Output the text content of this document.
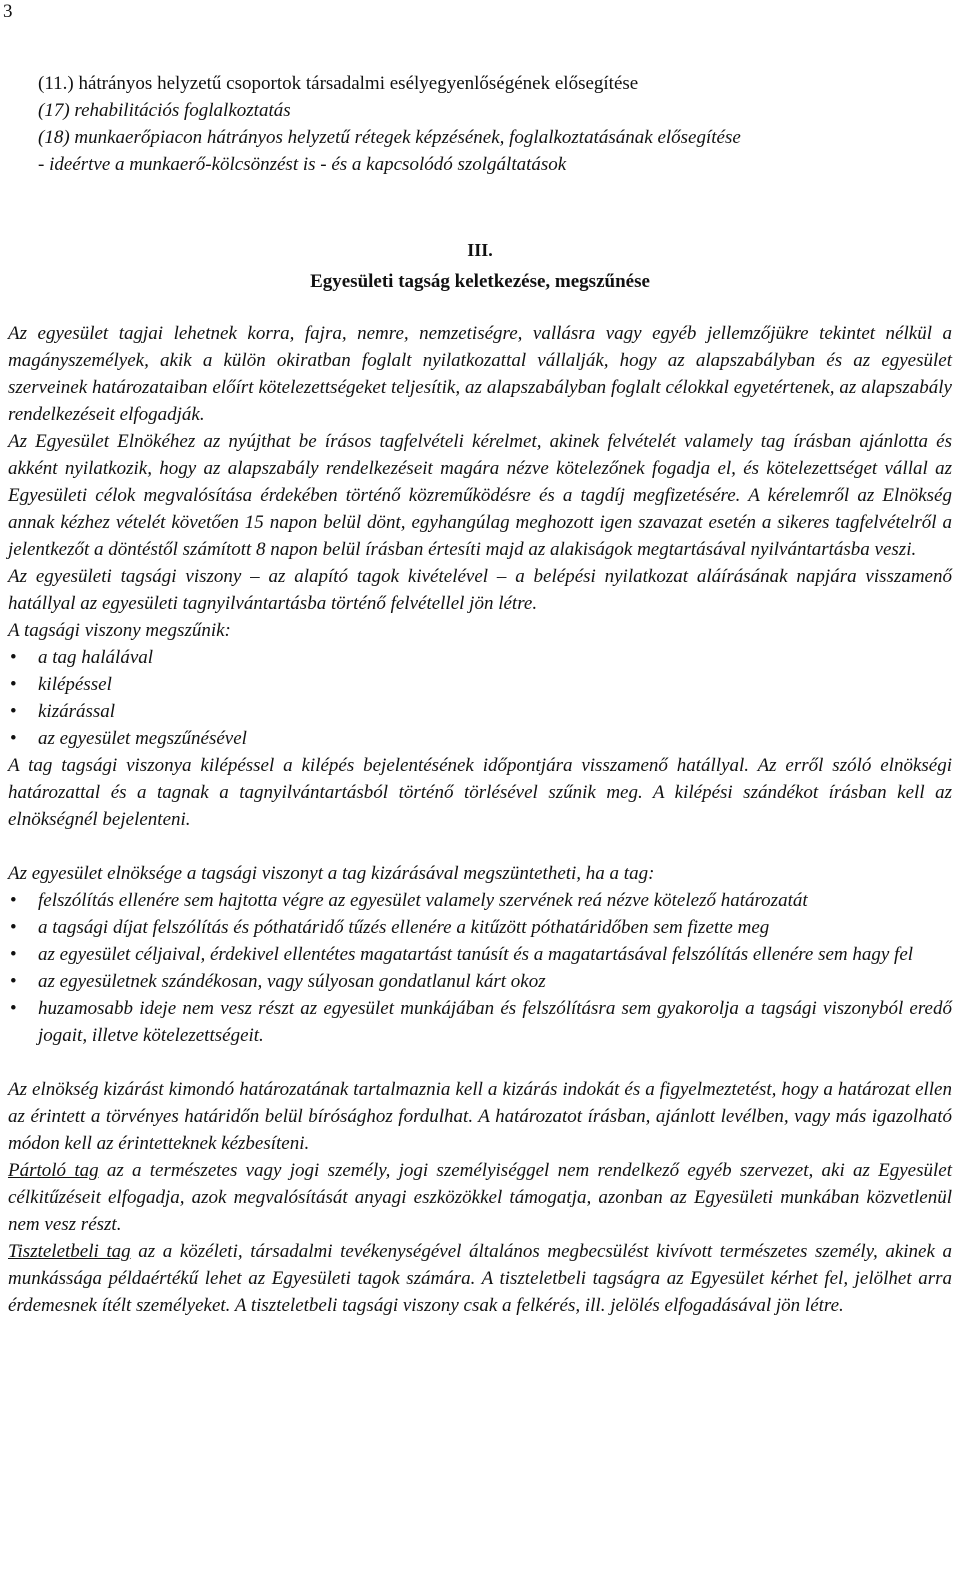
3
(11.) hátrányos helyzetű csoportok társadalmi esélyegyenlőségének elősegítése
(17) rehabilitációs foglalkoztatás
(18) munkaerőpiacon hátrányos helyzetű rétegek képzésének, foglalkoztatásának elősegítése
- ideértve a munkaerő-kölcsönzést is - és a kapcsolódó szolgáltatások
III.
Egyesületi tagság keletkezése, megszűnése

Az egyesület tagjai lehetnek korra, fajra, nemre, nemzetiségre, vallásra vagy egyéb jellemzőjükre tekintet nélkül a magányszemélyek, akik a külön okiratban foglalt nyilatkozattal vállalják, hogy az alapszabályban és az egyesület szerveinek határozataiban előírt kötelezettségeket teljesítik, az alapszabályban foglalt célokkal egyetértenek, az alapszabály rendelkezéseit elfogadják.

Az Egyesület Elnökéhez az nyújthat be írásos tagfelvételi kérelmet, akinek felvételét valamely tag írásban ajánlotta és akként nyilatkozik, hogy az alapszabály rendelkezéseit magára nézve kötelezőnek fogadja el, és kötelezettséget vállal az Egyesületi célok megvalósítása érdekében történő közreműködésre és a tagdíj megfizetésére. A kérelemről az Elnökség annak kézhez vételét követően 15 napon belül dönt, egyhangúlag meghozott igen szavazat esetén a sikeres tagfelvételről a jelentkezőt a döntéstől számított 8 napon belül írásban értesíti majd az alakiságok megtartásával nyilvántartásba veszi.

Az egyesületi tagsági viszony – az alapító tagok kivételével – a belépési nyilatkozat aláírásának napjára visszamenő hatállyal az egyesületi tagnyilvántartásba történő felvétellel jön létre.

A tagsági viszony megszűnik:

• a tag halálával
• kilépéssel
• kizárással
• az egyesület megszűnésével

A tag tagsági viszonya kilépéssel a kilépés bejelentésének időpontjára visszamenő hatállyal. Az erről szóló elnökségi határozattal és a tagnak a tagnyilvántartásból történő törlésével szűnik meg. A kilépési szándékot írásban kell az elnökségnél bejelenteni.

Az egyesület elnöksége a tagsági viszonyt a tag kizárásával megszüntetheti, ha a tag:

• felszólítás ellenére sem hajtotta végre az egyesület valamely szervének reá nézve kötelező határozatát
• a tagsági díjat felszólítás és póthatáridő tűzés ellenére a kitűzött póthatáridőben sem fizette meg
• az egyesület céljaival, érdekivel ellentétes magatartást tanúsít és a magatartásával felszólítás ellenére sem hagy fel
• az egyesületnek szándékosan, vagy súlyosan gondatlanul kárt okoz
• huzamosabb ideje nem vesz részt az egyesület munkájában és felszólításra sem gyakorolja a tagsági viszonyból eredő jogait, illetve kötelezettségeit.

Az elnökség kizárást kimondó határozatának tartalmaznia kell a kizárás indokát és a figyelmeztetést, hogy a határozat ellen az érintett a törvényes határidőn belül bírósághoz fordulhat. A határozatot írásban, ajánlott levélben, vagy más igazolható módon kell az érintetteknek kézbesíteni.

Pártoló tag az a természetes vagy jogi személy, jogi személyiséggel nem rendelkező egyéb szervezet, aki az Egyesület célkitűzéseit elfogadja, azok megvalósítását anyagi eszközökkel támogatja, azonban az Egyesületi munkában közvetlenül nem vesz részt.

Tiszteletbeli tag az a közéleti, társadalmi tevékenységével általános megbecsülést kivívott természetes személy, akinek a munkássága példaértékű lehet az Egyesületi tagok számára. A tiszteletbeli tagságra az Egyesület kérhet fel, jelölhet arra érdemesnek ítélt személyeket. A tiszteletbeli tagsági viszony csak a felkérés, ill. jelölés elfogadásával jön létre.
